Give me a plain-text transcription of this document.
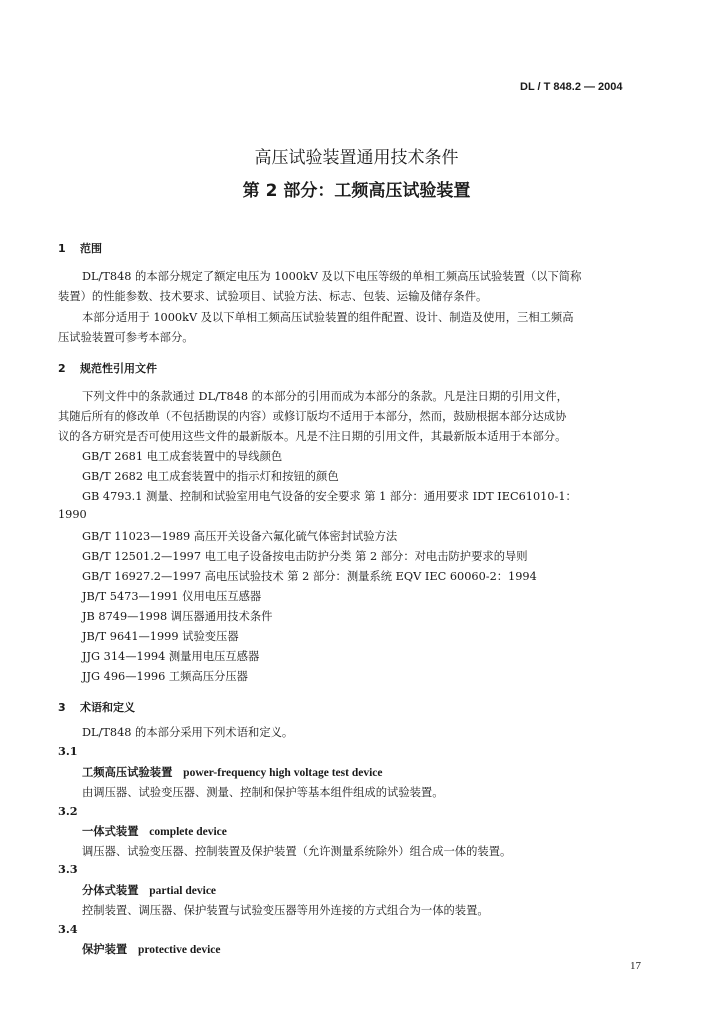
DL / T 848.2 — 2004
高压试验装置通用技术条件
第 2 部分：工频高压试验装置
1 范围
DL/T848 的本部分规定了额定电压为 1000kV 及以下电压等级的单相工频高压试验装置（以下简称
装置）的性能参数、技术要求、试验项目、试验方法、标志、包装、运输及储存条件。
本部分适用于 1000kV 及以下单相工频高压试验装置的组件配置、设计、制造及使用，三相工频高
压试验装置可参考本部分。
2 规范性引用文件
下列文件中的条款通过 DL/T848 的本部分的引用而成为本部分的条款。凡是注日期的引用文件，
其随后所有的修改单（不包括勘误的内容）或修订版均不适用于本部分，然而，鼓励根据本部分达成协
议的各方研究是否可使用这些文件的最新版本。凡是不注日期的引用文件，其最新版本适用于本部分。
GB/T 2681 电工成套装置中的导线颜色
GB/T 2682 电工成套装置中的指示灯和按钮的颜色
GB 4793.1 测量、控制和试验室用电气设备的安全要求 第 1 部分：通用要求 IDT IEC61010-1：
1990
GB/T 11023—1989 高压开关设备六氟化硫气体密封试验方法
GB/T 12501.2—1997 电工电子设备按电击防护分类 第 2 部分：对电击防护要求的导则
GB/T 16927.2—1997 高电压试验技术 第 2 部分：测量系统 EQV IEC 60060-2：1994
JB/T 5473—1991 仪用电压互感器
JB 8749—1998 调压器通用技术条件
JB/T 9641—1999 试验变压器
JJG 314—1994 测量用电压互感器
JJG 496—1996 工频高压分压器
3 术语和定义
DL/T848 的本部分采用下列术语和定义。
3.1
工频高压试验装置 power-frequency high voltage test device
由调压器、试验变压器、测量、控制和保护等基本组件组成的试验装置。
3.2
一体式装置 complete device
调压器、试验变压器、控制装置及保护装置（允许测量系统除外）组合成一体的装置。
3.3
分体式装置 partial device
控制装置、调压器、保护装置与试验变压器等用外连接的方式组合为一体的装置。
3.4
保护装置 protective device
17
